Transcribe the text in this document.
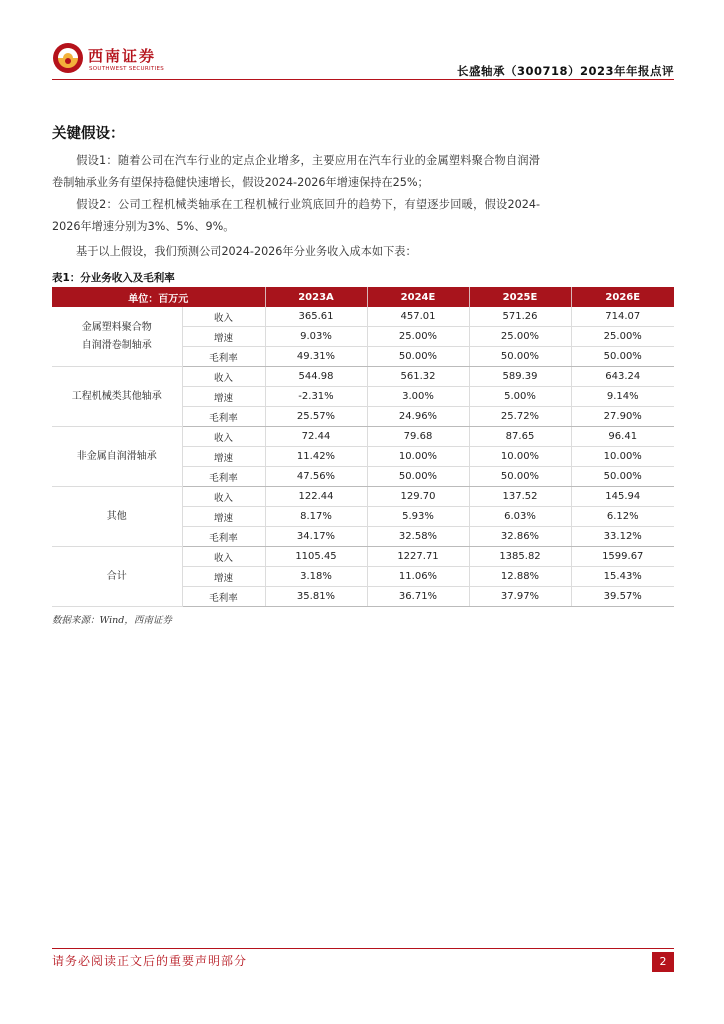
西南证券
SOUTHWEST SECURITIES	长盛轴承（300718）2023年年报点评
关键假设：
假设1：随着公司在汽车行业的定点企业增多，主要应用在汽车行业的金属塑料聚合物自润滑卷制轴承业务有望保持稳健快速增长，假设2024-2026年增速保持在25%；
假设2：公司工程机械类轴承在工程机械行业筑底回升的趋势下，有望逐步回暖，假设2024-2026年增速分别为3%、5%、9%。
基于以上假设，我们预测公司2024-2026年分业务收入成本如下表：
表1：分业务收入及毛利率
单位：百万元		2023A	2024E	2025E	2026E
金属塑料聚合物
自润滑卷制轴承	收入	365.61	457.01	571.26	714.07
	增速	9.03%	25.00%	25.00%	25.00%
	毛利率	49.31%	50.00%	50.00%	50.00%
工程机械类其他轴承	收入	544.98	561.32	589.39	643.24
	增速	-2.31%	3.00%	5.00%	9.14%
	毛利率	25.57%	24.96%	25.72%	27.90%
非金属自润滑轴承	收入	72.44	79.68	87.65	96.41
	增速	11.42%	10.00%	10.00%	10.00%
	毛利率	47.56%	50.00%	50.00%	50.00%
其他	收入	122.44	129.70	137.52	145.94
	增速	8.17%	5.93%	6.03%	6.12%
	毛利率	34.17%	32.58%	32.86%	33.12%
合计	收入	1105.45	1227.71	1385.82	1599.67
	增速	3.18%	11.06%	12.88%	15.43%
	毛利率	35.81%	36.71%	37.97%	39.57%
数据来源：Wind，西南证券
请务必阅读正文后的重要声明部分	2
